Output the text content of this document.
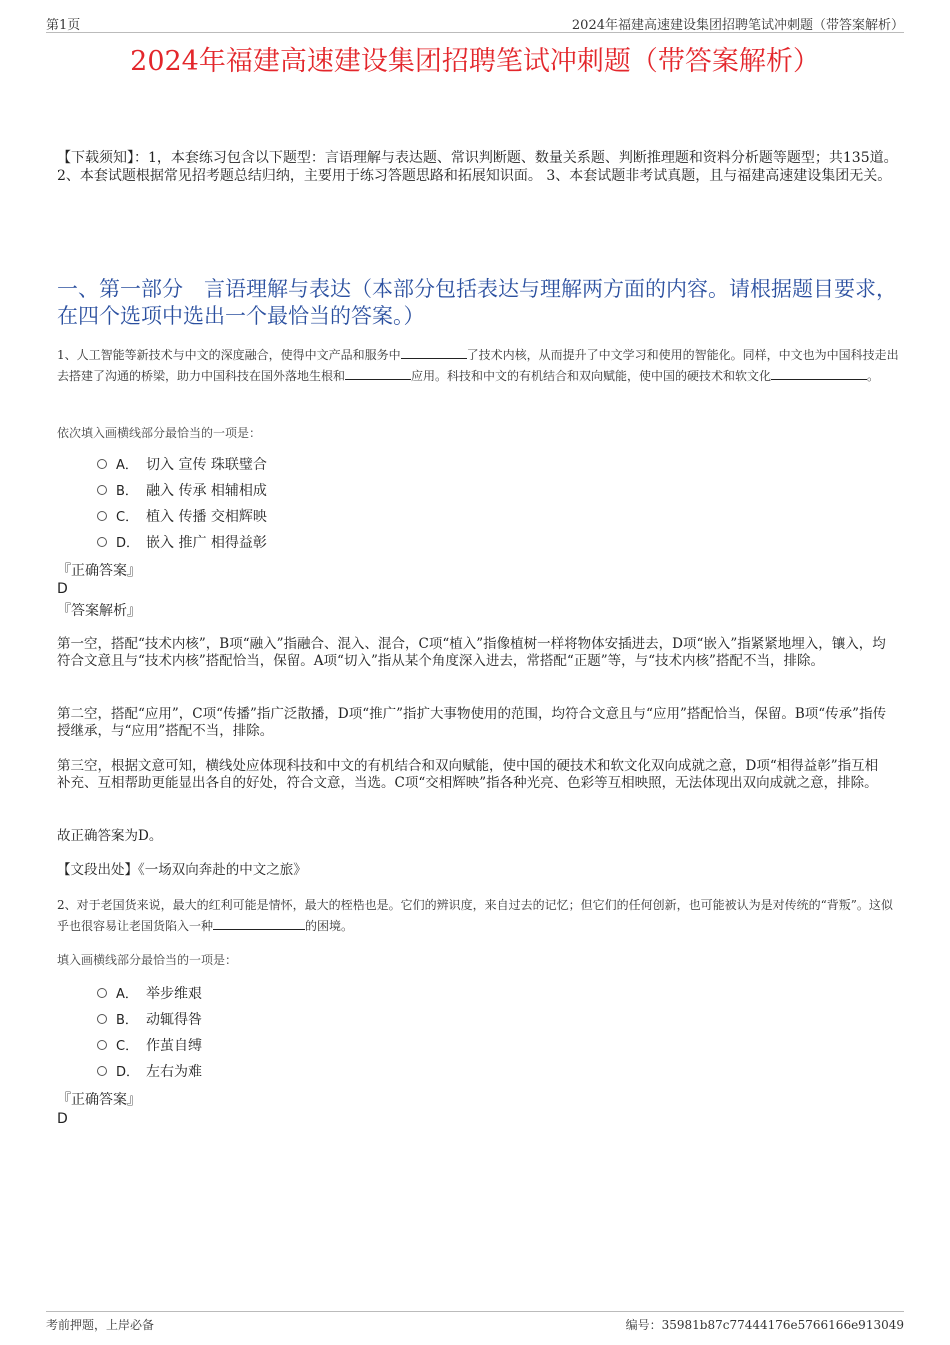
第1页	2024年福建高速建设集团招聘笔试冲刺题（带答案解析）
2024年福建高速建设集团招聘笔试冲刺题（带答案解析）
【下载须知】：1，本套练习包含以下题型：言语理解与表达题、常识判断题、数量关系题、判断推理题和资料分析题等题型；共135道。 2、本套试题根据常见招考题总结归纳，主要用于练习答题思路和拓展知识面。 3、本套试题非考试真题，且与福建高速建设集团无关。
一、第一部分　言语理解与表达（本部分包括表达与理解两方面的内容。请根据题目要求，在四个选项中选出一个最恰当的答案。）
1、人工智能等新技术与中文的深度融合，使得中文产品和服务中	了技术内核，从而提升了中文学习和使用的智能化。同样，中文也为中国科技走出去搭建了沟通的桥梁，助力中国科技在国外落地生根和	应用。科技和中文的有机结合和双向赋能，使中国的硬技术和软文化	。
依次填入画横线部分最恰当的一项是：
A． 切入 宣传 珠联璧合
B． 融入 传承 相辅相成
C． 植入 传播 交相辉映
D． 嵌入 推广 相得益彰
『正确答案』
D
『答案解析』
第一空，搭配“技术内核”，B项“融入”指融合、混入、混合，C项“植入”指像植树一样将物体安插进去，D项“嵌入”指紧紧地埋入，镶入，均符合文意且与“技术内核”搭配恰当，保留。A项“切入”指从某个角度深入进去，常搭配“正题”等，与“技术内核”搭配不当，排除。
第二空，搭配“应用”，C项“传播”指广泛散播，D项“推广”指扩大事物使用的范围，均符合文意且与“应用”搭配恰当，保留。B项“传承”指传授继承，与“应用”搭配不当，排除。
第三空，根据文意可知，横线处应体现科技和中文的有机结合和双向赋能，使中国的硬技术和软文化双向成就之意，D项“相得益彰”指互相补充、互相帮助更能显出各自的好处，符合文意，当选。C项“交相辉映”指各种光亮、色彩等互相映照，无法体现出双向成就之意，排除。
故正确答案为D。
【文段出处】《一场双向奔赴的中文之旅》
2、对于老国货来说，最大的红利可能是情怀，最大的桎梏也是。它们的辨识度，来自过去的记忆；但它们的任何创新，也可能被认为是对传统的“背叛”。这似乎也很容易让老国货陷入一种	的困境。
填入画横线部分最恰当的一项是：
A． 举步维艰
B． 动辄得咎
C． 作茧自缚
D． 左右为难
『正确答案』
D
考前押题，上岸必备	编号：35981b87c77444176e5766166e913049
